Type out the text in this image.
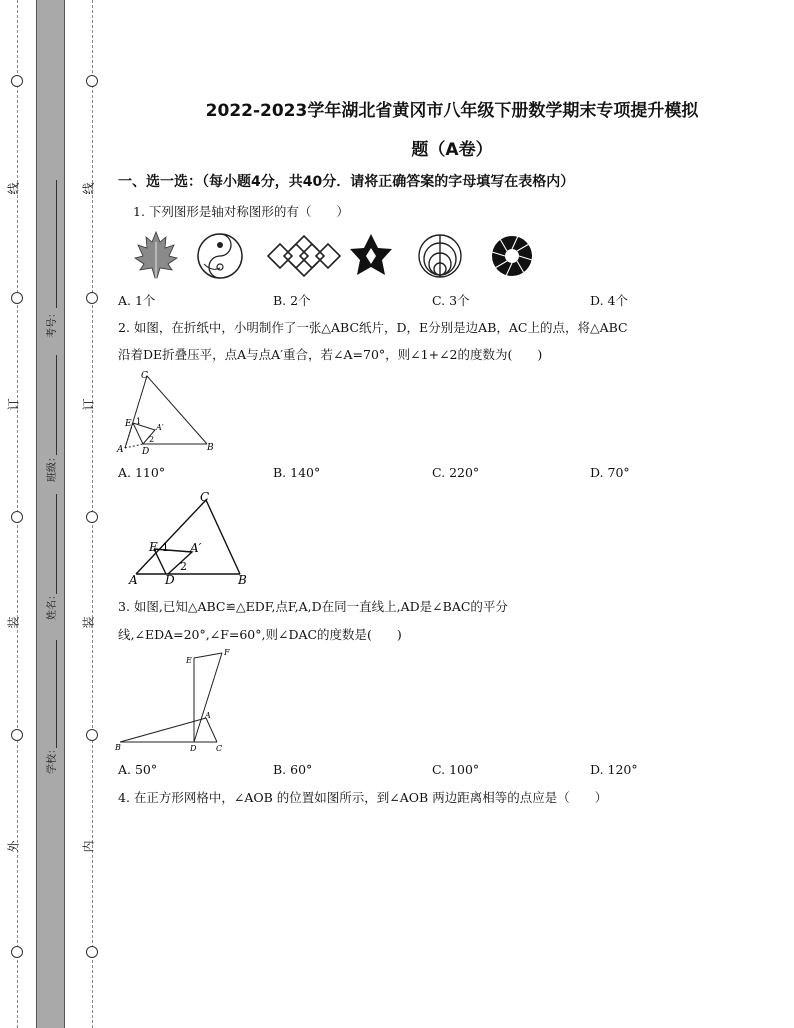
线
订
装
外
线
订
装
内
考号：
班级：
姓名：
学校：
2022-2023学年湖北省黄冈市八年级下册数学期末专项提升模拟
题（A卷）
一、选一选：（每小题4分，共40分．请将正确答案的字母填写在表格内）
1. 下列图形是轴对称图形的有（　　）
A. 1个	B. 2个	C. 3个	D. 4个
2. 如图，在折纸中，小明制作了一张△ABC纸片，D，E分别是边AB，AC上的点，将△ABC
沿着DE折叠压平，点A与点A′重合，若∠A=70°，则∠1+∠2的度数为(　　)
C
E 1
A′
2
A D	B
A. 110°	B. 140°	C. 220°	D. 70°
C
E 1 A′
2
A D	B
3. 如图,已知△ABC≌△EDF,点F,A,D在同一直线上,AD是∠BAC的平分
线,∠EDA=20°,∠F=60°,则∠DAC的度数是(　　)
E
F
A
B	D C
A. 50°	B. 60°	C. 100°	D. 120°
4. 在正方形网格中，∠AOB 的位置如图所示，到∠AOB 两边距离相等的点应是（　　）
